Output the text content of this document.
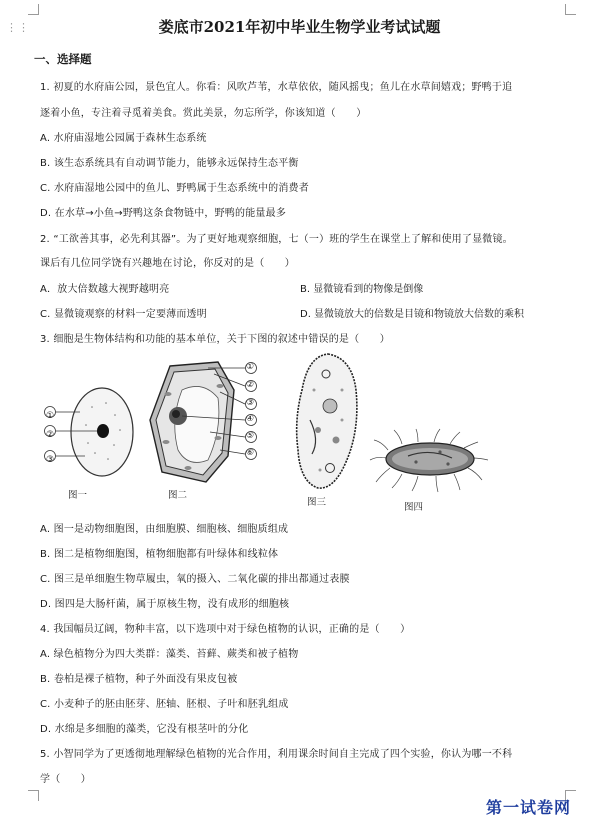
⋮⋮	娄底市2021年初中毕业生物学业考试试题
一、选择题
1. 初夏的水府庙公园，景色宜人。你看：风吹芦苇，水草依依，随风摇曳；鱼儿在水草间嬉戏；野鸭于追
逐着小鱼，专注着寻觅着美食。赏此美景，勿忘所学，你该知道（　　）
A. 水府庙湿地公园属于森林生态系统
B. 该生态系统具有自动调节能力，能够永远保持生态平衡
C. 水府庙湿地公园中的鱼儿、野鸭属于生态系统中的消费者
D. 在水草→小鱼→野鸭这条食物链中，野鸭的能量最多
2. “工欲善其事，必先利其器”。为了更好地观察细胞，七（一）班的学生在课堂上了解和使用了显微镜。
课后有几位同学饶有兴趣地在讨论，你反对的是（　　）
A．放大倍数越大视野越明亮	B. 显微镜看到的物像是倒像
C. 显微镜观察的材料一定要薄而透明	D. 显微镜放大的倍数是目镜和物镜放大倍数的乘积
3. 细胞是生物体结构和功能的基本单位，关于下图的叙述中错误的是（　　）
①
②
③
①
②
③
④
⑤
⑥
图一	图二
图三	图四
A. 图一是动物细胞图，由细胞膜、细胞核、细胞质组成
B. 图二是植物细胞图，植物细胞都有叶绿体和线粒体
C. 图三是单细胞生物草履虫，氧的摄入、二氧化碳的排出都通过表膜
D. 图四是大肠杆菌，属于原核生物，没有成形的细胞核
4. 我国幅员辽阔，物种丰富，以下选项中对于绿色植物的认识，正确的是（　　）
A. 绿色植物分为四大类群：藻类、苔藓、蕨类和被子植物
B. 卷柏是裸子植物，种子外面没有果皮包被
C. 小麦种子的胚由胚芽、胚轴、胚根、子叶和胚乳组成
D. 水绵是多细胞的藻类，它没有根茎叶的分化
5. 小智同学为了更透彻地理解绿色植物的光合作用，利用课余时间自主完成了四个实验，你认为哪一不科
学（　　）
第一试卷网
